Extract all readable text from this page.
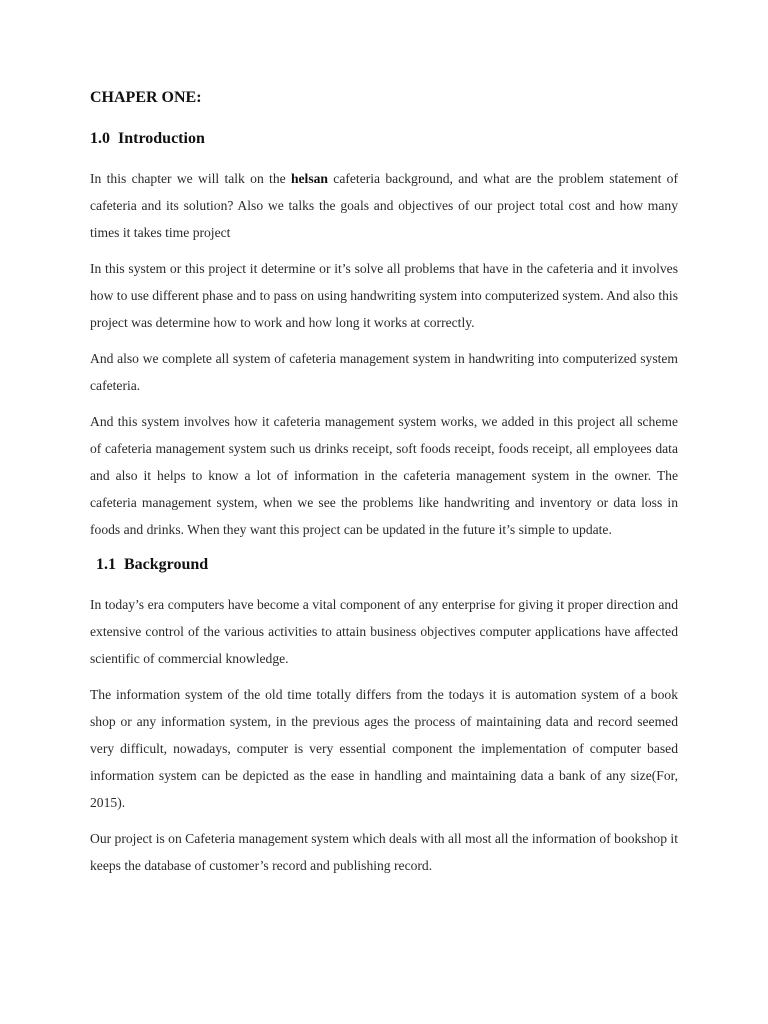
CHAPER ONE:
1.0 Introduction

In this chapter we will talk on the helsan cafeteria background, and what are the problem statement of cafeteria and its solution? Also we talks the goals and objectives of our project total cost and how many times it takes time project

In this system or this project it determine or it’s solve all problems that have in the cafeteria and it involves how to use different phase and to pass on using handwriting system into computerized system. And also this project was determine how to work and how long it works at correctly.

And also we complete all system of cafeteria management system in handwriting into computerized system cafeteria.

And this system involves how it cafeteria management system works, we added in this project all scheme of cafeteria management system such us drinks receipt, soft foods receipt, foods receipt, all employees data and also it helps to know a lot of information in the cafeteria management system in the owner. The cafeteria management system, when we see the problems like handwriting and inventory or data loss in foods and drinks. When they want this project can be updated in the future it’s simple to update.

1.1 Background

In today’s era computers have become a vital component of any enterprise for giving it proper direction and extensive control of the various activities to attain business objectives computer applications have affected scientific of commercial knowledge.

The information system of the old time totally differs from the todays it is automation system of a book shop or any information system, in the previous ages the process of maintaining data and record seemed very difficult, nowadays, computer is very essential component the implementation of computer based information system can be depicted as the ease in handling and maintaining data a bank of any size(For, 2015).

Our project is on Cafeteria management system which deals with all most all the information of bookshop it keeps the database of customer’s record and publishing record.
